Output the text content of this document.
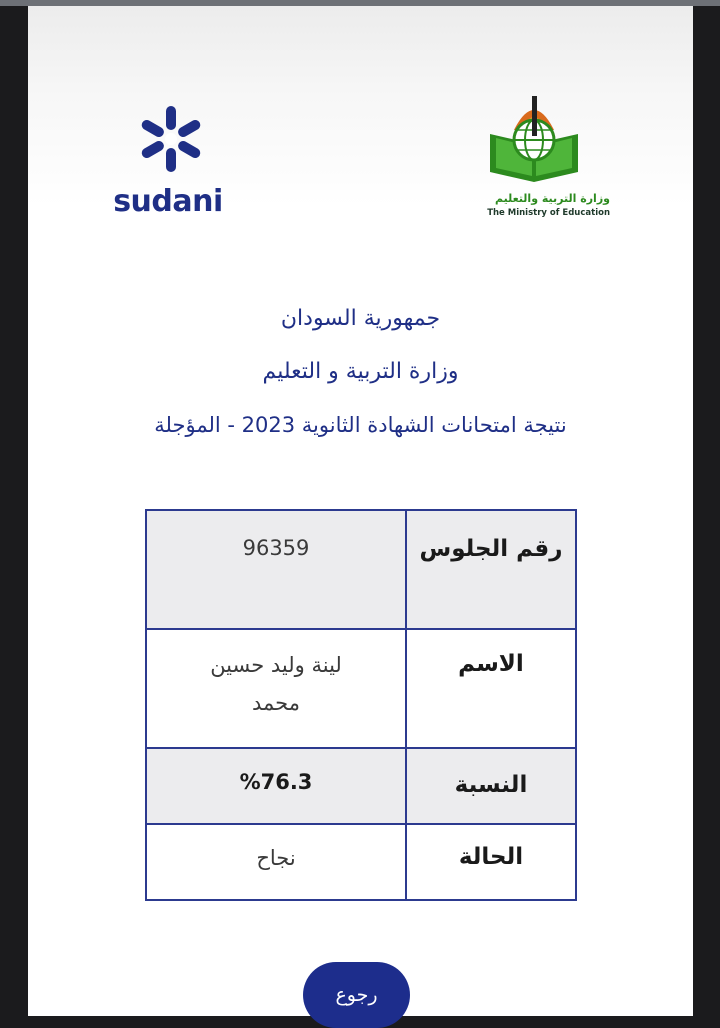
sudani	وزارة التربية والتعليم
The Ministry of Education
جمهورية السودان
وزارة التربية و التعليم
نتيجة امتحانات الشهادة الثانوية 2023 - المؤجلة
رقم الجلوس	96359

الاسم	لينة وليد حسين محمد

النسبة	%76.3

الحالة	نجاح
رجوع
